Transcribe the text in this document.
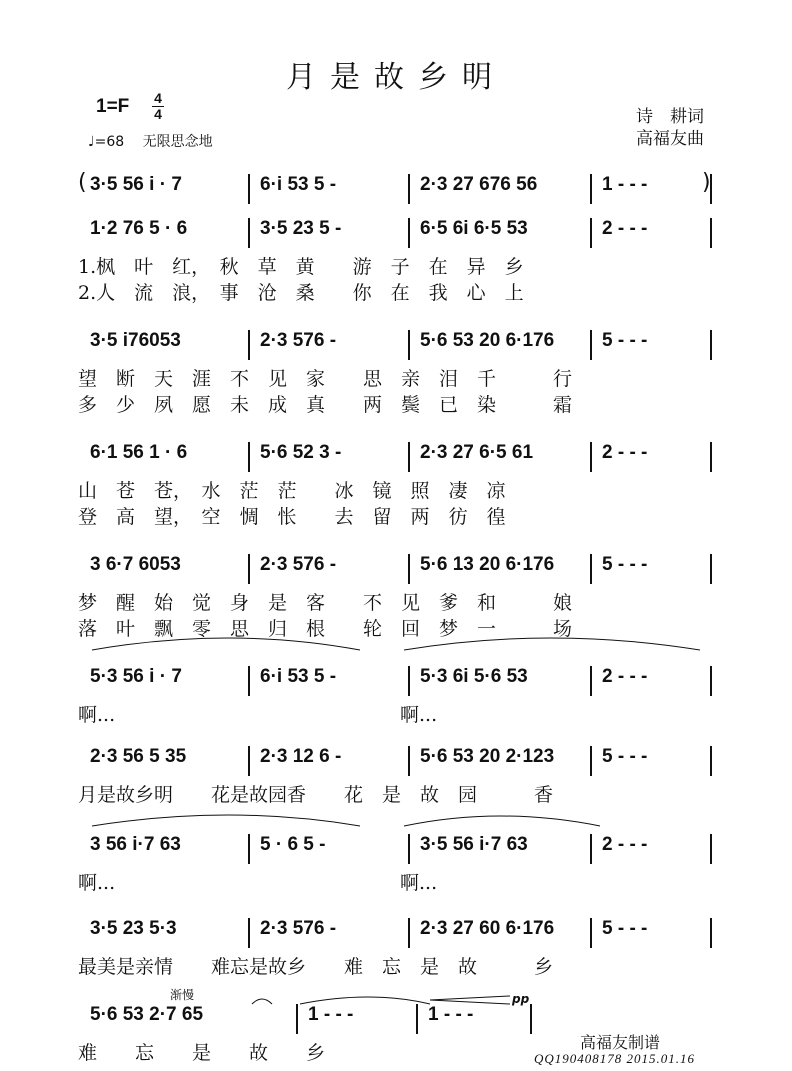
月是故乡明
1=F 4
4
♩=68 无限思念地
诗　耕词
高福友曲
3·5 56 i · 7	6·i 53 5 -	2·3 27 676 56	1 - - -
1·2 76 5 · 6	3·5 23 5 -	6·5 6i 6·5 53	2 - - -
1.枫　叶　红，　秋　草　黄　　游　子　在　异　乡
2.人　流　浪，　事　沧　桑　　你　在　我　心　上
3·5 i76053	2·3 576 -	5·6 53 20 6·176	5 - - -
望　断　天　涯　不　见　家　　思　亲　泪　千　　　行
多　少　夙　愿　未　成　真　　两　鬓　已　染　　　霜
6·1 56 1 · 6	5·6 52 3 -	2·3 27 6·5 61	2 - - -
山　苍　苍，　水　茫　茫　　冰　镜　照　凄　凉
登　高　望，　空　惆　怅　　去　留　两　彷　徨
3 6·7 6053	2·3 576 -	5·6 13 20 6·176	5 - - -
梦　醒　始　觉　身　是　客　　不　见　爹　和　　　娘
落　叶　飘　零　思　归　根　　轮　回　梦　一　　　场
5·3 56 i · 7	6·i 53 5 -	5·3 6i 5·6 53	2 - - -
啊...	啊...
2·3 56 5 35	2·3 12 6 -	5·6 53 20 2·123	5 - - -
月是故乡明　　花是故园香　　花　是　故　园　　　香
3 56 i·7 63	5 · 6 5 -	3·5 56 i·7 63	2 - - -
啊...	啊...
3·5 23 5·3	2·3 576 -	2·3 27 60 6·176	5 - - -
最美是亲情　　难忘是故乡　　难　忘　是　故　　　乡
5·6 53 2·7 65	1 - - -	1 - - -
难　　忘　　是　　故　　乡
(	)
渐慢	pp
高福友制谱
QQ190408178 2015.01.16
